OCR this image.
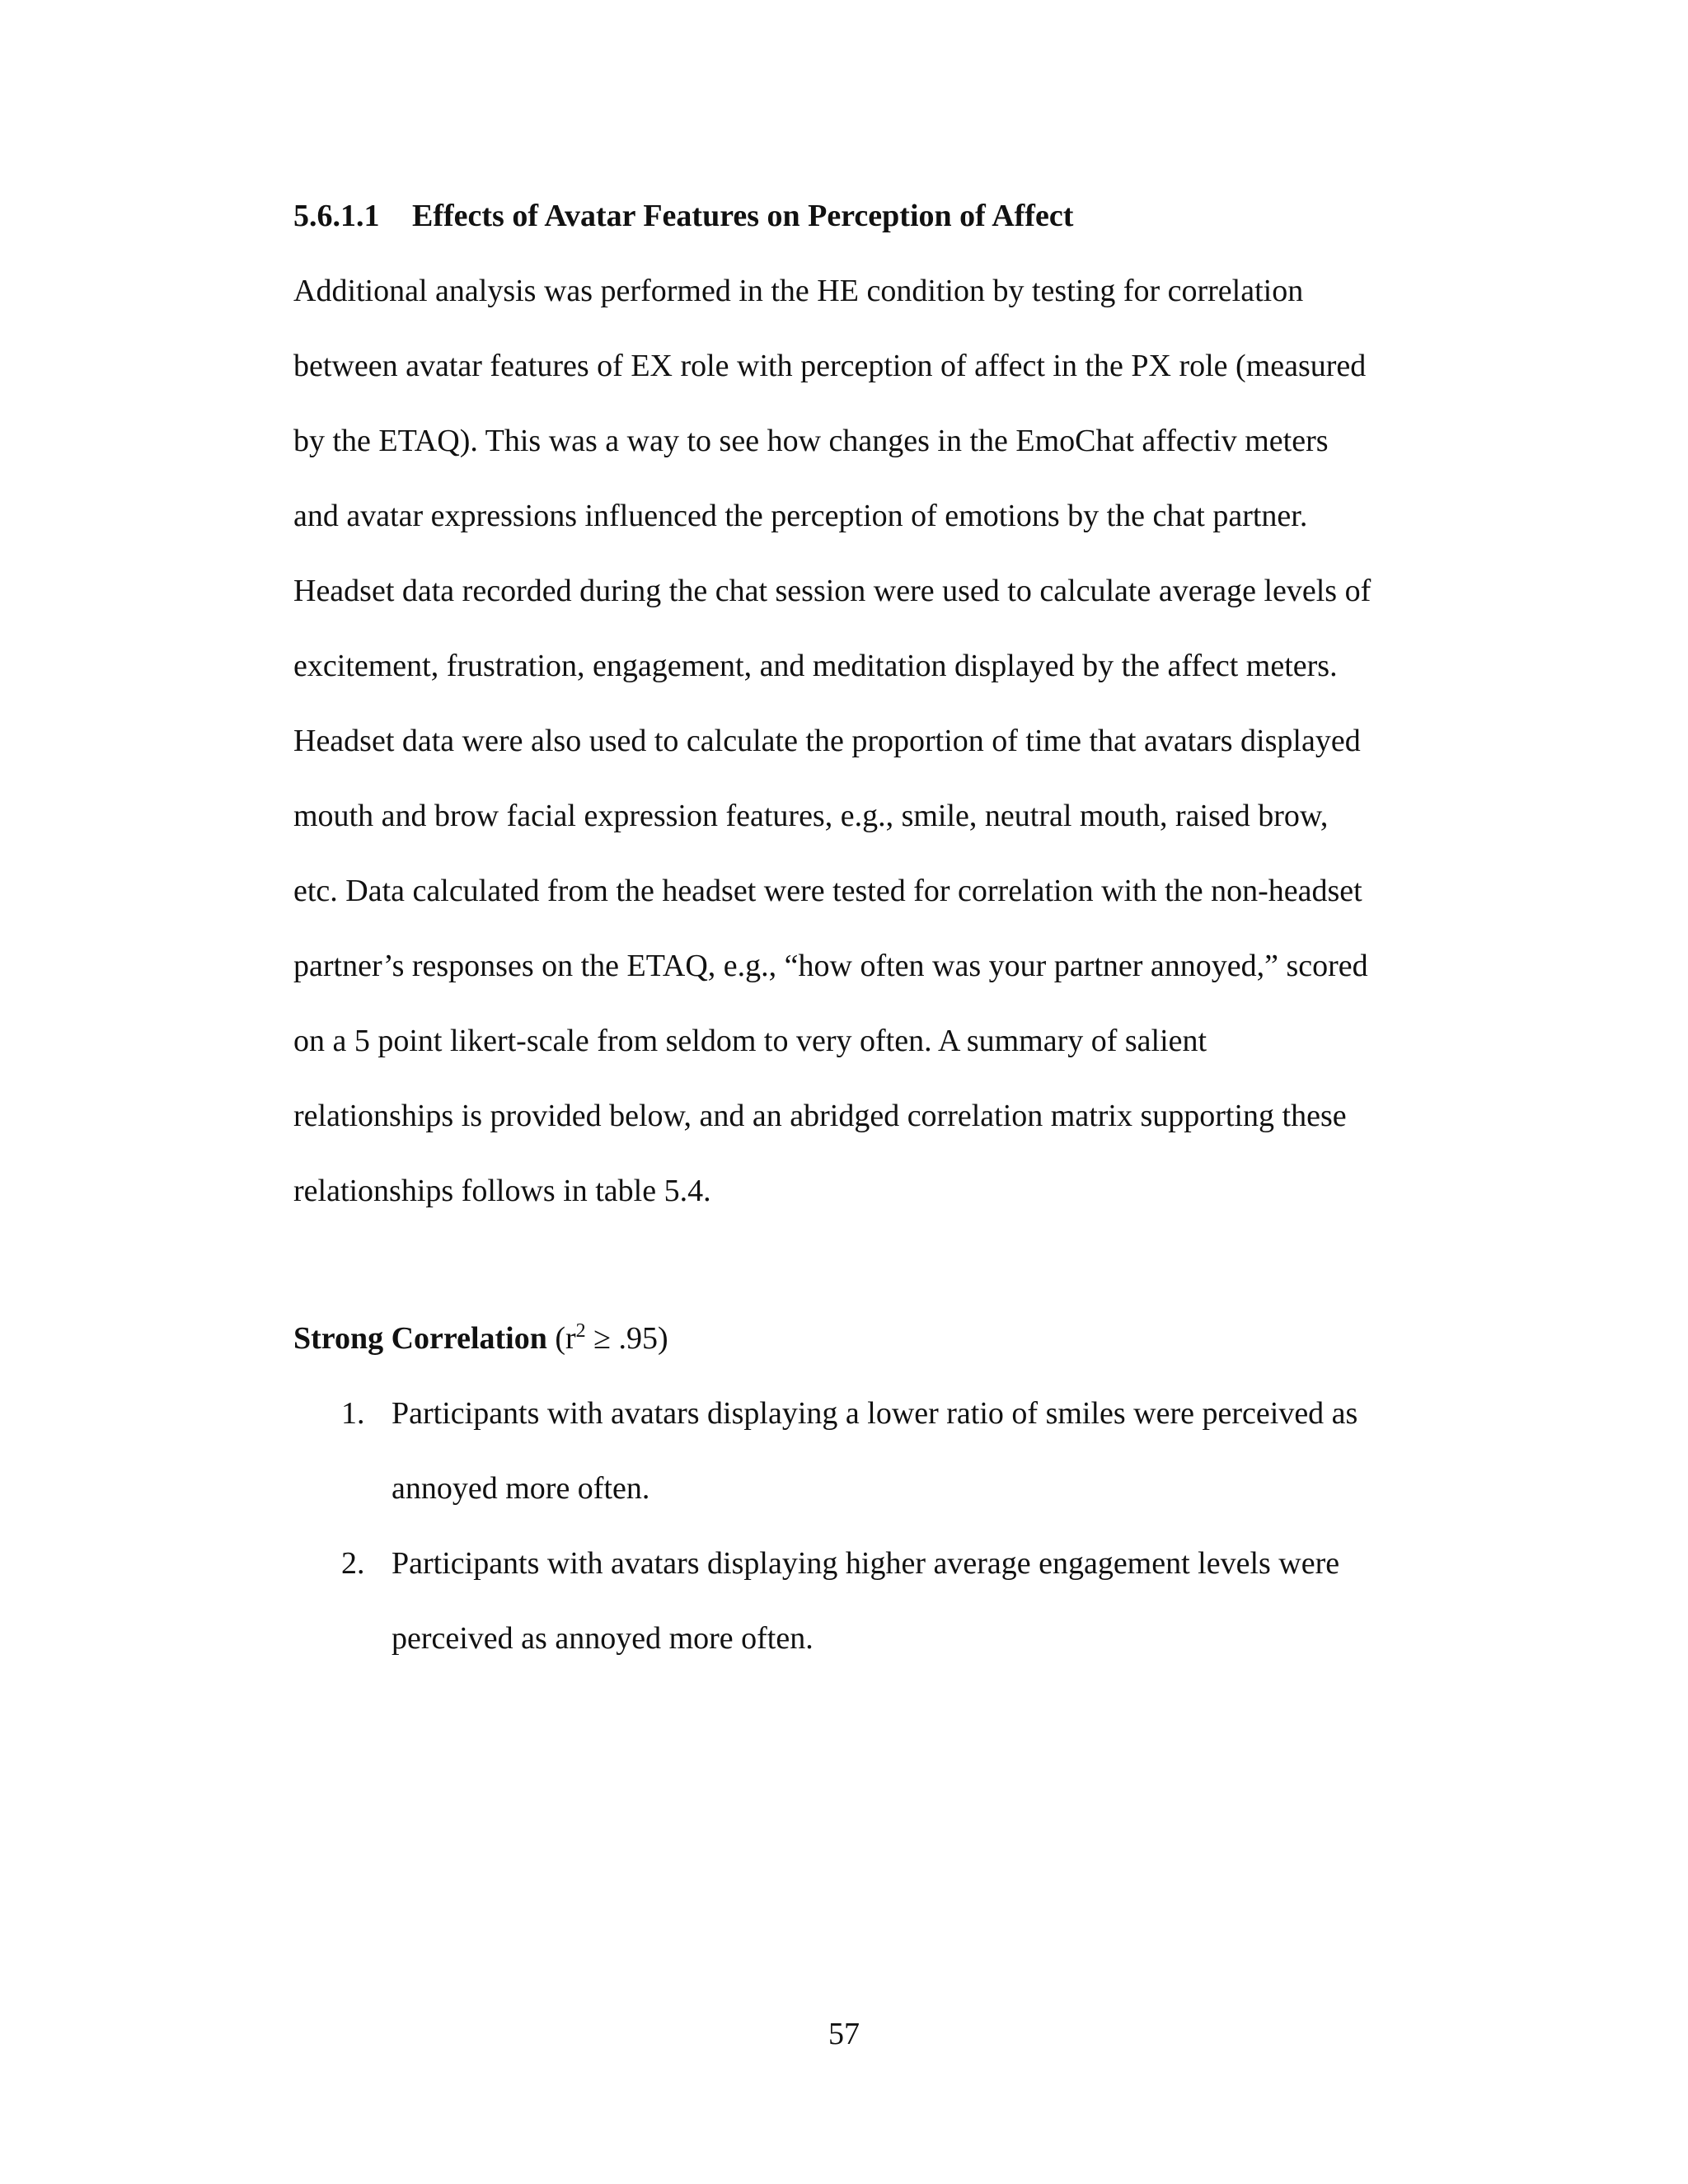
5.6.1.1 Effects of Avatar Features on Perception of Affect
Additional analysis was performed in the HE condition by testing for correlation
between avatar features of EX role with perception of affect in the PX role (measured
by the ETAQ). This was a way to see how changes in the EmoChat affectiv meters
and avatar expressions influenced the perception of emotions by the chat partner.
Headset data recorded during the chat session were used to calculate average levels of
excitement, frustration, engagement, and meditation displayed by the affect meters.
Headset data were also used to calculate the proportion of time that avatars displayed
mouth and brow facial expression features, e.g., smile, neutral mouth, raised brow,
etc. Data calculated from the headset were tested for correlation with the non-headset
partner’s responses on the ETAQ, e.g., “how often was your partner annoyed,” scored
on a 5 point likert-scale from seldom to very often. A summary of salient
relationships is provided below, and an abridged correlation matrix supporting these
relationships follows in table 5.4.
Strong Correlation $(r^2 \ge .95)$
1. Participants with avatars displaying a lower ratio of smiles were perceived as
annoyed more often.
2. Participants with avatars displaying higher average engagement levels were
perceived as annoyed more often.
57
